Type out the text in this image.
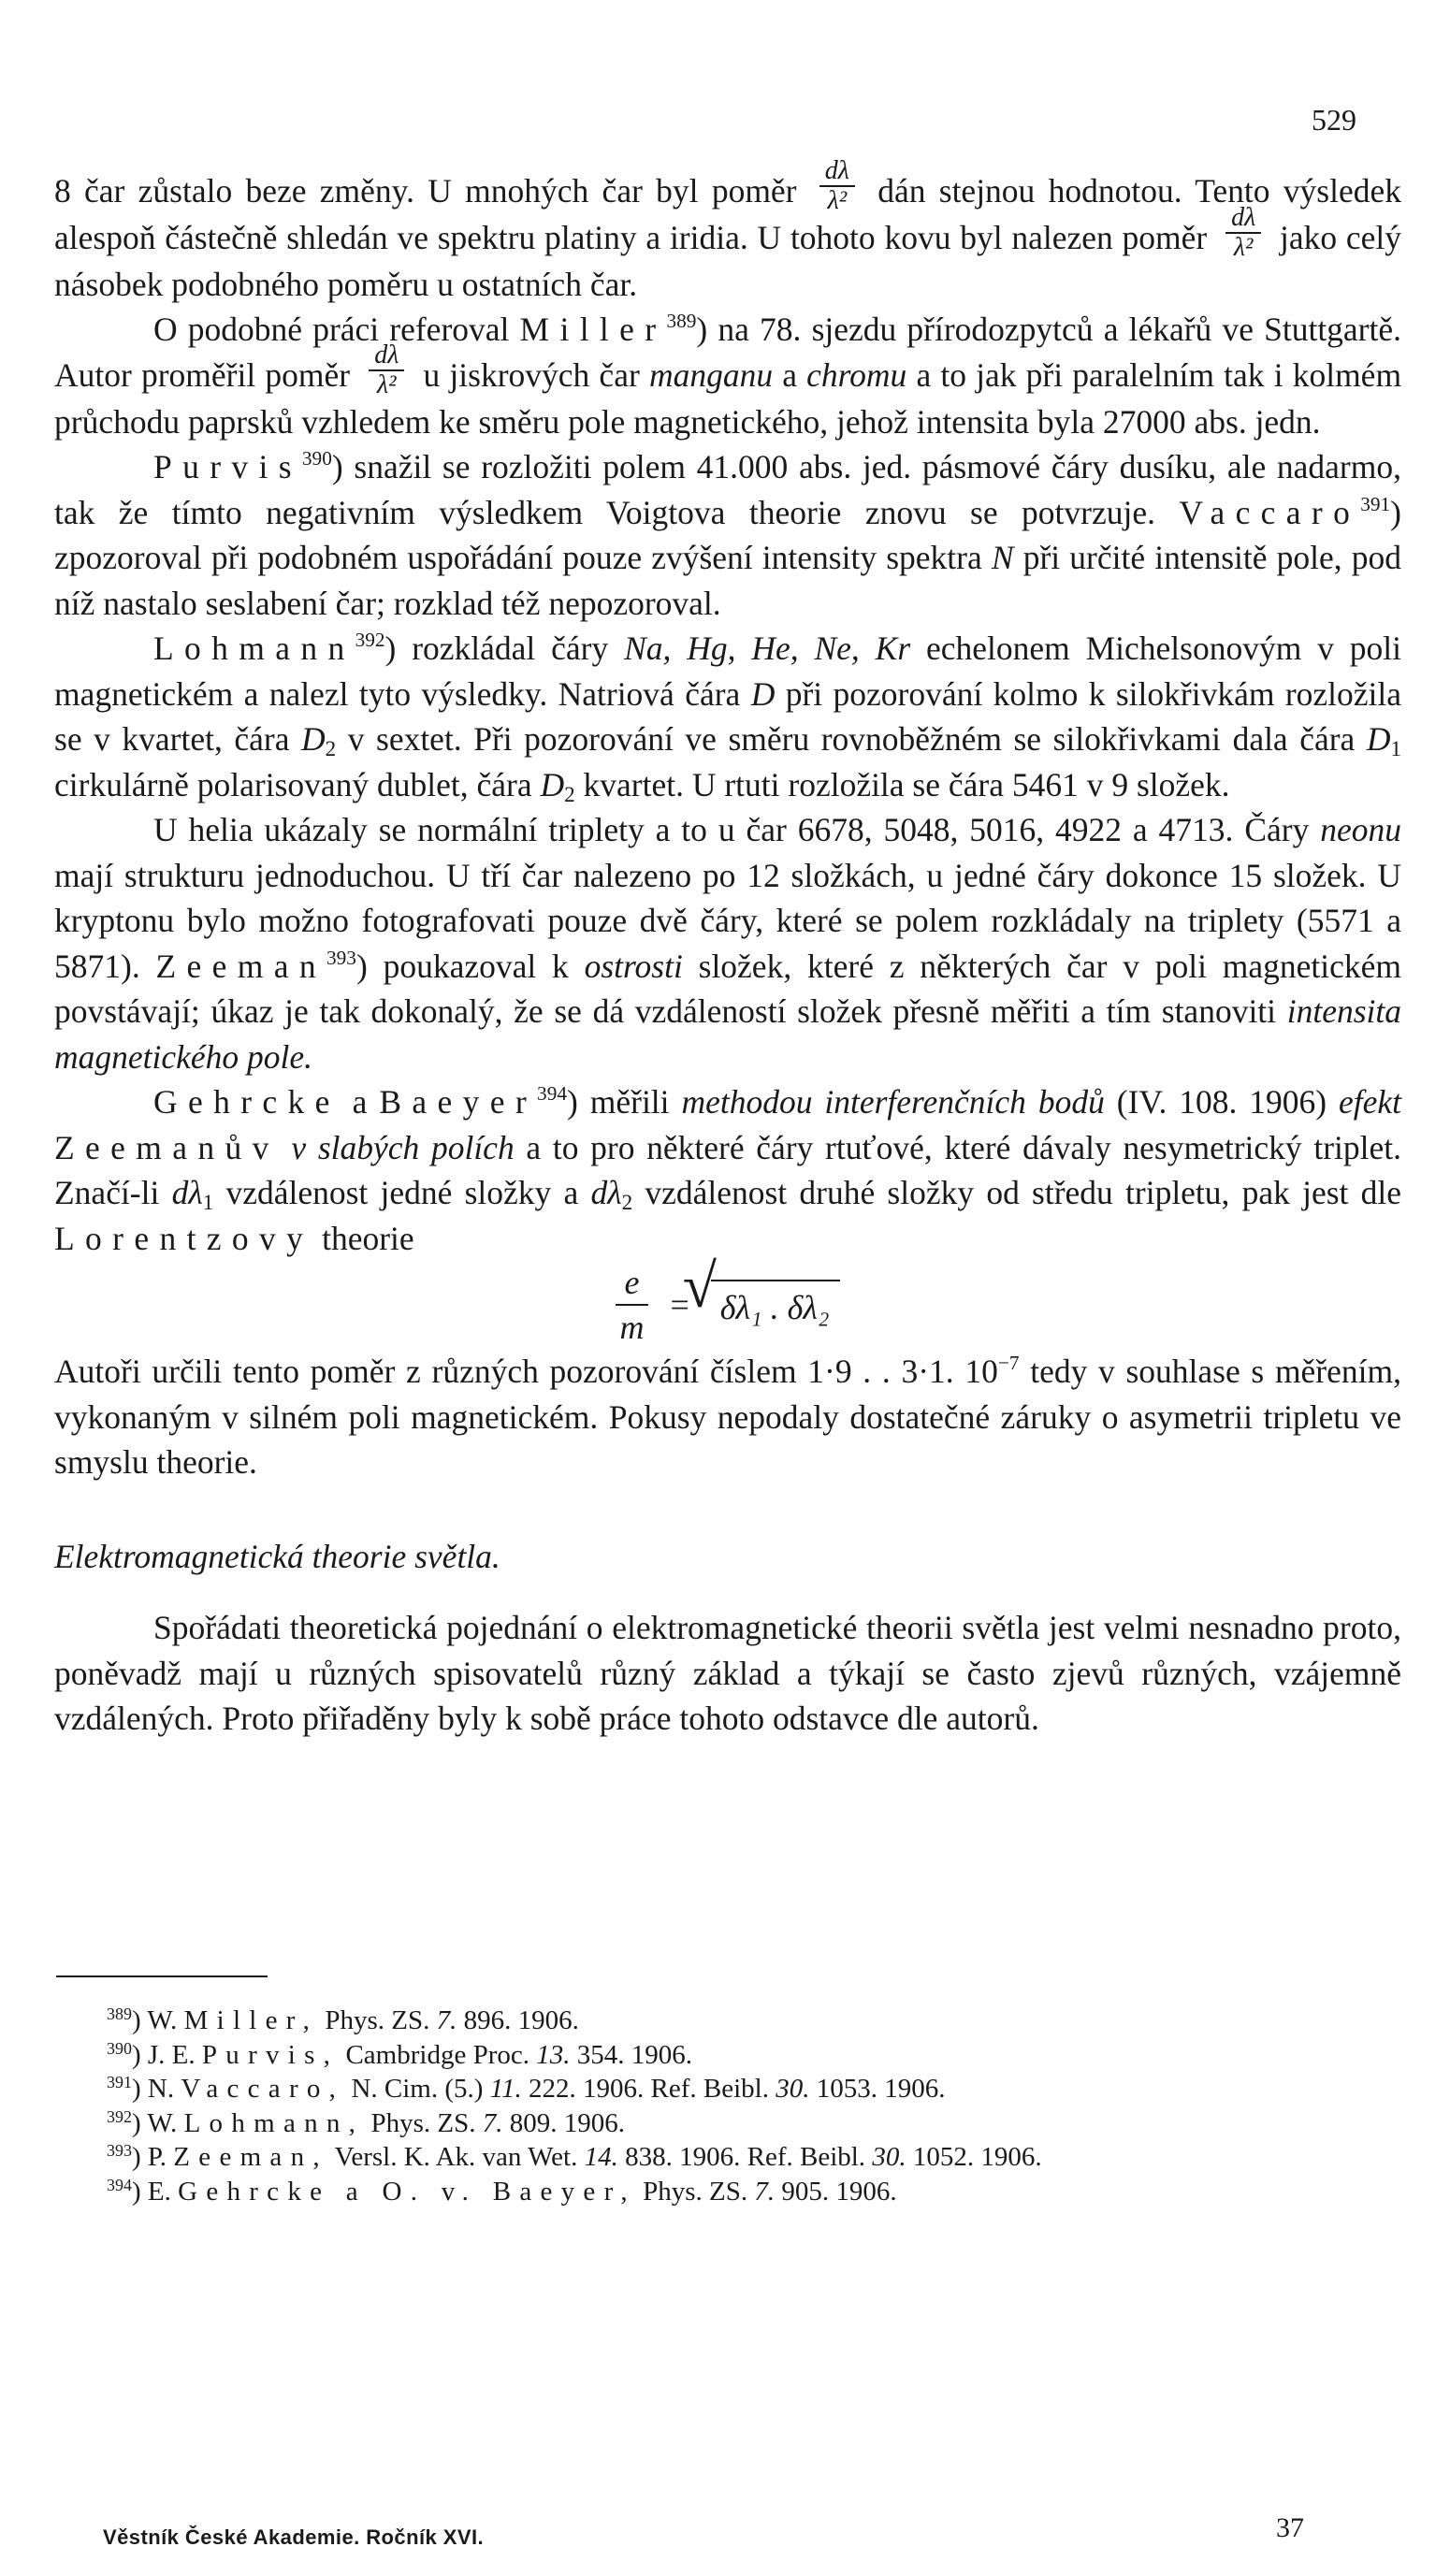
529

8 čar zůstalo beze změny. U mnohých čar byl poměr $\frac{d\lambda}{\text{λ²}}$ dán stejnou hodnotou. Tento výsledek alespoň částečně shledán ve spektru platiny a iridia. U tohoto kovu byl nalezen poměr $\frac{d\lambda}{\text{λ²}}$ jako celý násobek podobného poměru u ostatních čar.

O podobné práci referoval Miller$^{389}$) na 78. sjezdu přírodozpytců a lékařů ve Stuttgartě. Autor proměřil poměr $\frac{d\lambda}{\text{λ²}}$ u jiskrových čar manganu a chromu a to jak při paralelním tak i kolmém průchodu paprsků vzhledem ke směru pole magnetického, jehož intensita byla 27000 abs. jedn.

Purvis$^{390}$) snažil se rozložiti polem 41.000 abs. jed. pásmové čáry dusíku, ale nadarmo, tak že tímto negativním výsledkem Voigtova theorie znovu se potvrzuje. Vaccaro$^{391}$) zpozoroval při podobném uspořádání pouze zvýšení intensity spektra N při určité intensitě pole, pod níž nastalo seslabení čar; rozklad též nepozoroval.

Lohmann$^{392}$) rozkládal čáry Na, Hg, He, Ne, Kr echelonem Michelsonovým v poli magnetickém a nalezl tyto výsledky. Natriová čára D při pozorování kolmo k silokřivkám rozložila se v kvartet, čára $D_2$ v sextet. Při pozorování ve směru rovnoběžném se silokřivkami dala čára $D_1$ cirkulárně polarisovaný dublet, čára $D_2$ kvartet. U rtuti rozložila se čára 5461 v 9 složek.

U helia ukázaly se normální triplety a to u čar 6678, 5048, 5016, 4922 a 4713. Čáry neonu mají strukturu jednoduchou. U tří čar nalezeno po 12 složkách, u jedné čáry dokonce 15 složek. U kryptonu bylo možno fotografovati pouze dvě čáry, které se polem rozkládaly na triplety (5571 a 5871). Zeeman$^{393}$) poukazoval k ostrosti složek, které z některých čar v poli magnetickém povstávají; úkaz je tak dokonalý, že se dá vzdáleností složek přesně měřiti a tím stanoviti intensita magnetického pole.

Gehrcke a Baeyer$^{394}$) měřili methodou interferenčních bodů (IV. 108. 1906) efekt Zeemanův v slabých polích a to pro některé čáry rtuťové, které dávaly nesymetrický triplet. Značí-li $d\lambda_1$ vzdálenost jedné složky a $d\lambda_2$ vzdálenost druhé složky od středu tripletu, pak jest dle Lorentzovy theorie

$\frac{e}{m}$ = √ δλ₁ . δλ₂

Autoři určili tento poměr z různých pozorování číslem 1·9 . . 3·1. $10^{-7}$ tedy v souhlase s měřením, vykonaným v silném poli magnetickém. Pokusy nepodaly dostatečné záruky o asymetrii tripletu ve smyslu theorie.

Elektromagnetická theorie světla.

Spořádati theoretická pojednání o elektromagnetické theorii světla jest velmi nesnadno proto, poněvadž mají u různých spisovatelů různý základ a týkají se často zjevů různých, vzájemně vzdálených. Proto přiřaděny byly k sobě práce tohoto odstavce dle autorů.

$^{389}$) W. Miller, Phys. ZS. 7. 896. 1906.

$^{390}$) J. E. Purvis, Cambridge Proc. 13. 354. 1906.

$^{391}$) N. Vaccaro, N. Cim. (5.) 11. 222. 1906. Ref. Beibl. 30. 1053. 1906.

$^{392}$) W. Lohmann, Phys. ZS. 7. 809. 1906.

$^{393}$) P. Zeeman, Versl. K. Ak. van Wet. 14. 838. 1906. Ref. Beibl. 30. 1052. 1906.

$^{394}$) E. Gehrcke a O. v. Baeyer, Phys. ZS. 7. 905. 1906.

Věstník České Akademie. Ročník XVI.	37
